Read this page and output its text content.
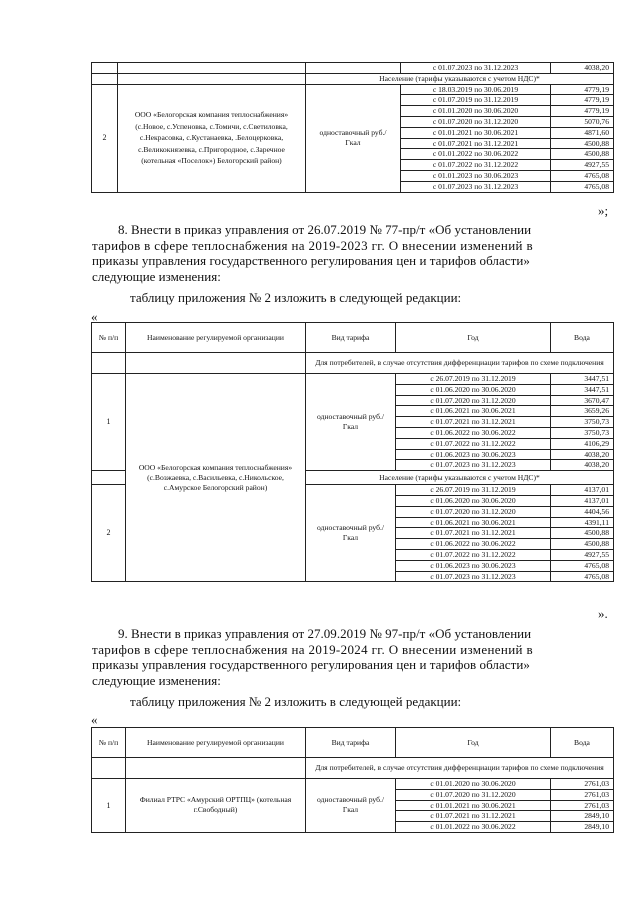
			с 01.07.2023 по 31.12.2023	4038,20
		Население (тарифы указываются с учетом НДС)*		
2	ООО «Белогорская компания теплоснабжения» (с.Новое, с.Успеновка, с.Томичи, с.Светиловка, с.Некрасовка, с.Кустанаевка, .Белоцерковка, с.Великокнязевка, с.Пригородное, с.Заречное (котельная «Поселок») Белогорский район)	одноставочный руб./Гкал	с 18.03.2019 по 30.06.2019	4779,19
			с 01.07.2019 по 31.12.2019	4779,19
			с 01.01.2020 по 30.06.2020	4779,19
			с 01.07.2020 по 31.12.2020	5070,76
			с 01.01.2021 по 30.06.2021	4871,60
			с 01.07.2021 по 31.12.2021	4500,88
			с 01.01.2022 по 30.06.2022	4500,88
			с 01.07.2022 по 31.12.2022	4927,55
			с 01.01.2023 по 30.06.2023	4765,08
			с 01.07.2023 по 31.12.2023	4765,08
»;
8. Внести в приказ управления от 26.07.2019 № 77-пр/т «Об установлении
тарифов в сфере теплоснабжения на 2019-2023 гг. О внесении изменений в
приказы управления государственного регулирования цен и тарифов области»
следующие изменения:
таблицу приложения № 2 изложить в следующей редакции:
«
№ п/п	Наименование регулируемой организации	Вид тарифа	Год	Вода
		Для потребителей, в случае отсутствия дифференциации тарифов по схеме подключения		
1	ООО «Белогорская компания теплоснабжения» (с.Возжаевка, с.Васильевка, с.Никольское, с.Амурское Белогорский район)	одноставочный руб./Гкал	с 26.07.2019 по 31.12.2019	3447,51
			с 01.06.2020 по 30.06.2020	3447,51
			с 01.07.2020 по 31.12.2020	3670,47
			с 01.06.2021 по 30.06.2021	3659,26
			с 01.07.2021 по 31.12.2021	3750,73
			с 01.06.2022 по 30.06.2022	3750,73
			с 01.07.2022 по 31.12.2022	4106,29
			с 01.06.2023 по 30.06.2023	4038,20
			с 01.07.2023 по 31.12.2023	4038,20
		Население (тарифы указываются с учетом НДС)*		
2		одноставочный руб./Гкал	с 26.07.2019 по 31.12.2019	4137,01
			с 01.06.2020 по 30.06.2020	4137,01
			с 01.07.2020 по 31.12.2020	4404,56
			с 01.06.2021 по 30.06.2021	4391,11
			с 01.07.2021 по 31.12.2021	4500,88
			с 01.06.2022 по 30.06.2022	4500,88
			с 01.07.2022 по 31.12.2022	4927,55
			с 01.06.2023 по 30.06.2023	4765,08
			с 01.07.2023 по 31.12.2023	4765,08
».
9. Внести в приказ управления от 27.09.2019 № 97-пр/т «Об установлении
тарифов в сфере теплоснабжения на 2019-2024 гг. О внесении изменений в
приказы управления государственного регулирования цен и тарифов области»
следующие изменения:
таблицу приложения № 2 изложить в следующей редакции:
«
№ п/п	Наименование регулируемой организации	Вид тарифа	Год	Вода
		Для потребителей, в случае отсутствия дифференциации тарифов по схеме подключения		
1	Филиал РТРС «Амурский ОРТПЦ» (котельная г.Свободный)	одноставочный руб./Гкал	с 01.01.2020 по 30.06.2020	2761,03
			с 01.07.2020 по 31.12.2020	2761,03
			с 01.01.2021 по 30.06.2021	2761,03
			с 01.07.2021 по 31.12.2021	2849,10
			с 01.01.2022 по 30.06.2022	2849,10
